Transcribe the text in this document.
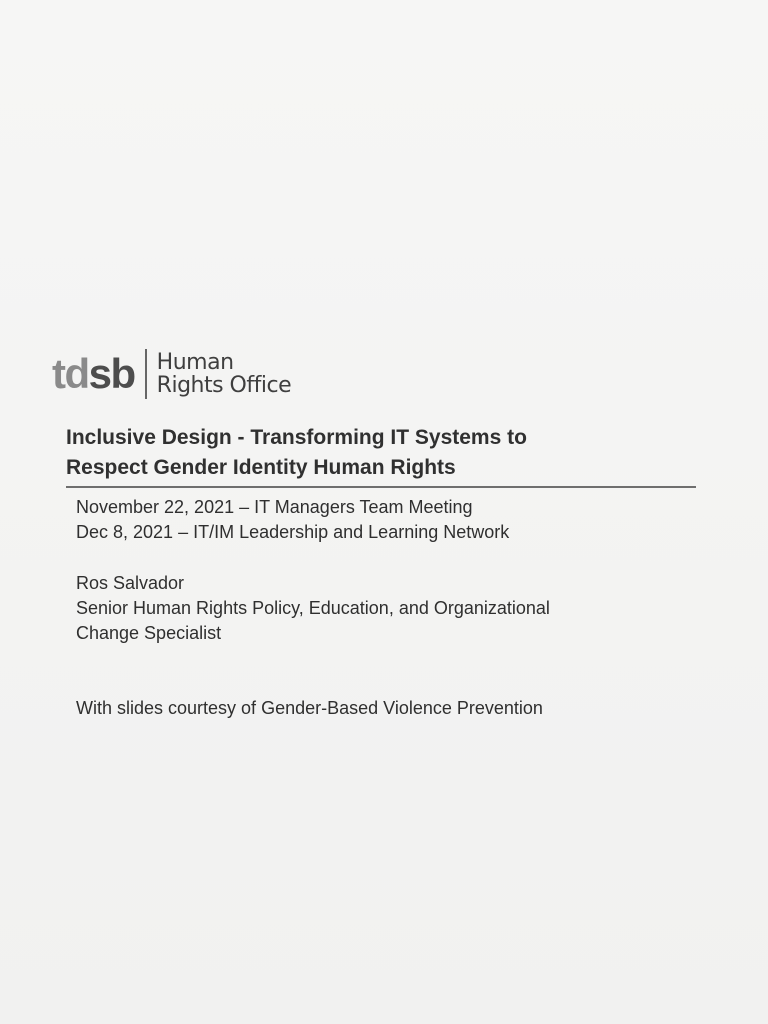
tdsb Human
Rights Office
Inclusive Design - Transforming IT Systems to
Respect Gender Identity Human Rights
November 22, 2021 – IT Managers Team Meeting
Dec 8, 2021 – IT/IM Leadership and Learning Network
Ros Salvador
Senior Human Rights Policy, Education, and Organizational
Change Specialist
With slides courtesy of Gender-Based Violence Prevention
